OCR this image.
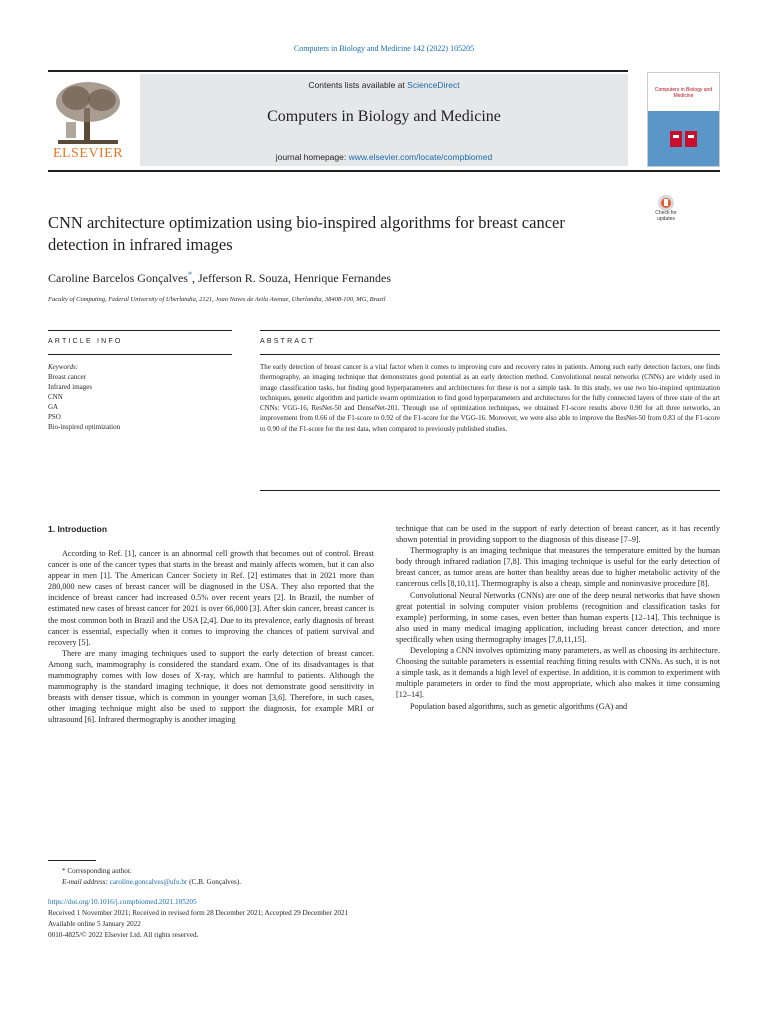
Computers in Biology and Medicine 142 (2022) 105205
ELSEVIER
Contents lists available at ScienceDirect
Computers in Biology and Medicine
journal homepage: www.elsevier.com/locate/compbiomed
Computers in Biology and Medicine
Check for updates
CNN architecture optimization using bio-inspired algorithms for breast cancer detection in infrared images
Caroline Barcelos Gonçalves*, Jefferson R. Souza, Henrique Fernandes
Faculty of Computing, Federal University of Uberlandia, 2121, Joao Naves de Avila Avenue, Uberlandia, 38408-100, MG, Brazil
ARTICLE INFO	ABSTRACT
Keywords:
Breast cancer
Infrared images
CNN
GA
PSO
Bio-inspired optimization
The early detection of breast cancer is a vital factor when it comes to improving cure and recovery rates in patients. Among such early detection factors, one finds thermography, an imaging technique that demonstrates good potential as an early detection method. Convolutional neural networks (CNNs) are widely used in image classification tasks, but finding good hyperparameters and architectures for these is not a simple task. In this study, we use two bio-inspired optimization techniques, genetic algorithm and particle swarm optimization to find good hyperparameters and architectures for the fully connected layers of three state of the art CNNs: VGG-16, ResNet-50 and DenseNet-201. Through use of optimization techniques, we obtained F1-score results above 0.90 for all three networks, an improvement from 0.66 of the F1-score to 0.92 of the F1-score for the VGG-16. Moreover, we were also able to improve the ResNet-50 from 0.83 of the F1-score to 0.90 of the F1-score for the test data, when compared to previously published studies.
1. Introduction

According to Ref. [1], cancer is an abnormal cell growth that becomes out of control. Breast cancer is one of the cancer types that starts in the breast and mainly affects women, but it can also appear in men [1]. The American Cancer Society in Ref. [2] estimates that in 2021 more than 280,000 new cases of breast cancer will be diagnosed in the USA. They also reported that the incidence of breast cancer had increased 0.5% over recent years [2]. In Brazil, the number of estimated new cases of breast cancer for 2021 is over 66,000 [3]. After skin cancer, breast cancer is the most common both in Brazil and the USA [2,4]. Due to its prevalence, early diagnosis of breast cancer is essential, especially when it comes to improving the chances of patient survival and recovery [5].

There are many imaging techniques used to support the early detection of breast cancer. Among such, mammography is considered the standard exam. One of its disadvantages is that mammography comes with low doses of X-ray, which are harmful to patients. Although the mammography is the standard imaging technique, it does not demonstrate good sensitivity in breasts with denser tissue, which is common in younger woman [3,6]. Therefore, in such cases, other imaging technique might also be used to support the diagnosis, for example MRI or ultrasound [6]. Infrared thermography is another imaging

technique that can be used in the support of early detection of breast cancer, as it has recently shown potential in providing support to the diagnosis of this disease [7–9].

Thermography is an imaging technique that measures the temperature emitted by the human body through infrared radiation [7,8]. This imaging technique is useful for the early detection of breast cancer, as tumor areas are hotter than healthy areas due to higher metabolic activity of the cancerous cells [8,10,11]. Thermography is also a cheap, simple and noninvasive procedure [8].

Convolutional Neural Networks (CNNs) are one of the deep neural networks that have shown great potential in solving computer vision problems (recognition and classification tasks for example) performing, in some cases, even better than human experts [12–14]. This technique is also used in many medical imaging application, including breast cancer detection, and more specifically when using thermography images [7,8,11,15].

Developing a CNN involves optimizing many parameters, as well as choosing its architecture. Choosing the suitable parameters is essential reaching fitting results with CNNs. As such, it is not a simple task, as it demands a high level of expertise. In addition, it is common to experiment with multiple parameters in order to find the most appropriate, which also makes it time consuming [12–14].

Population based algorithms, such as genetic algorithms (GA) and

* Corresponding author.
E-mail address: caroline.goncalves@ufu.br (C.B. Gonçalves).
https://doi.org/10.1016/j.compbiomed.2021.105205
Received 1 November 2021; Received in revised form 28 December 2021; Accepted 29 December 2021
Available online 5 January 2022
0010-4825/© 2022 Elsevier Ltd. All rights reserved.
